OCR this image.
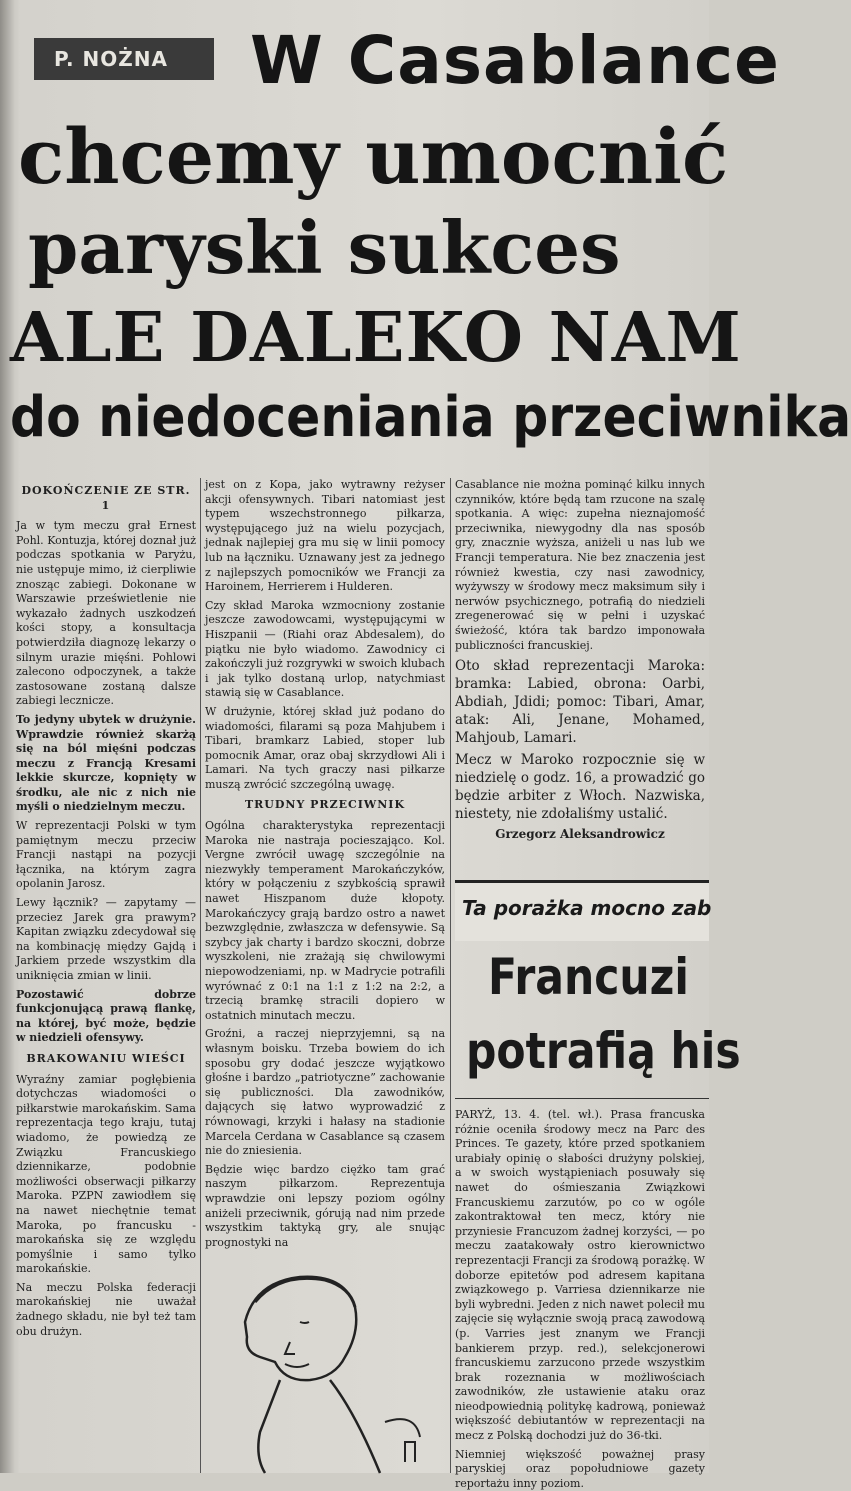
P. NOŻNA	W Casablance
chcemy umocnić
paryski sukces
ALE DALEKO NAM
do niedoceniania przeciwnika

DOKOŃCZENIE ZE STR. 1

Ja w tym meczu grał Ernest Pohl. Kontuzja, której doznał już podczas spotkania w Paryżu, nie ustępuje mimo, iż cierpliwie znosząc zabiegi. Dokonane w Warszawie prześwietlenie nie wykazało żadnych uszkodzeń kości stopy, a konsultacja potwierdziła diagnozę lekarzy o silnym urazie mięśni. Pohlowi zalecono odpoczynek, a także zastosowane zostaną dalsze zabiegi lecznicze.

To jedyny ubytek w drużynie. Wprawdzie również skarżą się na ból mięśni podczas meczu z Francją Kresami lekkie skurcze, kopnięty w środku, ale nic z nich nie myśli o niedzielnym meczu.

W reprezentacji Polski w tym pamiętnym meczu przeciw Francji nastąpi na pozycji łącznika, na którym zagra opolanin Jarosz.

Lewy łącznik? — zapytamy — przeciez Jarek gra prawym? Kapitan związku zdecydował się na kombinację między Gajdą i Jarkiem przede wszystkim dla uniknięcia zmian w linii.

Pozostawić dobrze funkcjonującą prawą flankę, na której, być może, będzie w niedzieli ofensywy.

BRAKOWANIU WIEŚCI

Wyraźny zamiar pogłębienia dotychczas wiadomości o piłkarstwie marokańskim. Sama reprezentacja tego kraju, tutaj wiadomo, że powiedzą ze Związku Francuskiego dziennikarze, podobnie możliwości obserwacji piłkarzy Maroka. PZPN zawiodłem się na nawet niechętnie temat Maroka, po francusku - marokańska się ze względu pomyślnie i samo tylko marokańskie.

Na meczu Polska federacji marokańskiej nie uważał żadnego składu, nie był też tam obu drużyn.

jest on z Kopa, jako wytrawny reżyser akcji ofensywnych. Tibari natomiast jest typem wszechstronnego piłkarza, występującego już na wielu pozycjach, jednak najlepiej gra mu się w linii pomocy lub na łączniku. Uznawany jest za jednego z najlepszych pomocników we Francji za Haroinem, Herrierem i Hulderen.

Czy skład Maroka wzmocniony zostanie jeszcze zawodowcami, występującymi w Hiszpanii — (Riahi oraz Abdesalem), do piątku nie było wiadomo. Zawodnicy ci zakończyli już rozgrywki w swoich klubach i jak tylko dostaną urlop, natychmiast stawią się w Casablance.

W drużynie, której skład już podano do wiadomości, filarami są poza Mahjubem i Tibari, bramkarz Labied, stoper lub pomocnik Amar, oraz obaj skrzydłowi Ali i Lamari. Na tych graczy nasi piłkarze muszą zwrócić szczególną uwagę.

TRUDNY PRZECIWNIK

Ogólna charakterystyka reprezentacji Maroka nie nastraja pocieszająco. Kol. Vergne zwrócił uwagę szczególnie na niezwykły temperament Marokańczyków, który w połączeniu z szybkością sprawił nawet Hiszpanom duże kłopoty. Marokańczycy grają bardzo ostro a nawet bezwzględnie, zwłaszcza w defensywie. Są szybcy jak charty i bardzo skoczni, dobrze wyszkoleni, nie zrażają się chwilowymi niepowodzeniami, np. w Madrycie potrafili wyrównać z 0:1 na 1:1 z 1:2 na 2:2, a trzecią bramkę stracili dopiero w ostatnich minutach meczu.

Groźni, a raczej nieprzyjemni, są na własnym boisku. Trzeba bowiem do ich sposobu gry dodać jeszcze wyjątkowo głośne i bardzo „patriotyczne” zachowanie się publiczności. Dla zawodników, dających się łatwo wyprowadzić z równowagi, krzyki i hałasy na stadionie Marcela Cerdana w Casablance są czasem nie do zniesienia.

Będzie więc bardzo ciężko tam grać naszym piłkarzom. Reprezentuja wprawdzie oni lepszy poziom ogólny aniżeli przeciwnik, górują nad nim przede wszystkim taktyką gry, ale snując prognostyki na

Casablance nie można pominąć kilku innych czynników, które będą tam rzucone na szalę spotkania. A więc: zupełna nieznajomość przeciwnika, niewygodny dla nas sposób gry, znacznie wyższa, aniżeli u nas lub we Francji temperatura. Nie bez znaczenia jest również kwestia, czy nasi zawodnicy, wyżywszy w środowy mecz maksimum siły i nerwów psychicznego, potrafią do niedzieli zregenerować się w pełni i uzyskać świeżość, która tak bardzo imponowała publiczności francuskiej.

Oto skład reprezentacji Maroka: bramka: Labied, obrona: Oarbi, Abdiah, Jdidi; pomoc: Tibari, Amar, atak: Ali, Jenane, Mohamed, Mahjoub, Lamari.

Mecz w Maroko rozpocznie się w niedzielę o godz. 16, a prowadzić go będzie arbiter z Włoch. Nazwiska, niestety, nie zdołaliśmy ustalić.

Grzegorz Aleksandrowicz

Ta porażka mocno zab
Francuzi
potrafią his

PARYŻ, 13. 4. (tel. wł.). Prasa francuska różnie oceniła środowy mecz na Parc des Princes. Te gazety, które przed spotkaniem urabiały opinię o słabości drużyny polskiej, a w swoich wystąpieniach posuwały się nawet do ośmieszania Związkowi Francuskiemu zarzutów, po co w ogóle zakontraktował ten mecz, który nie przyniesie Francuzom żadnej korzyści, — po meczu zaatakowały ostro kierownictwo reprezentacji Francji za środową porażkę. W doborze epitetów pod adresem kapitana związkowego p. Varriesa dziennikarze nie byli wybredni. Jeden z nich nawet polecił mu zajęcie się wyłącznie swoją pracą zawodową (p. Varries jest znanym we Francji bankierem przyp. red.), selekcjonerowi francuskiemu zarzucono przede wszystkim brak rozeznania w możliwościach zawodników, złe ustawienie ataku oraz nieodpowiednią politykę kadrową, ponieważ większość debiutantów w reprezentacji na mecz z Polską dochodzi już do 36-tki.

Niemniej większość poważnej prasy paryskiej oraz popołudniowe gazety reportażu inny poziom.
